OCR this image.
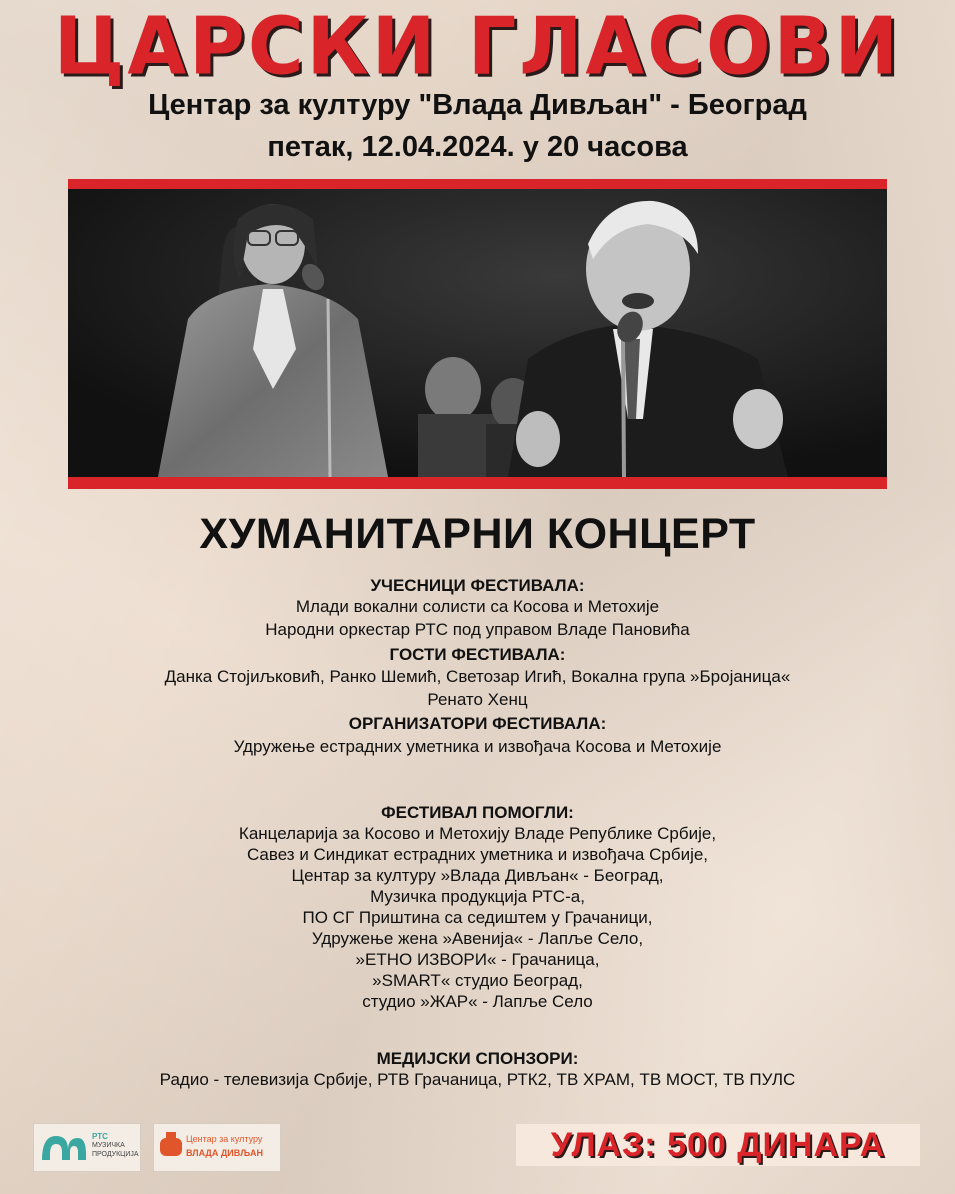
ЦАРСКИ ГЛАСОВИ
Центар за културу "Влада Дивљан" - Београд
петак, 12.04.2024. у 20 часова
ХУМАНИТАРНИ КОНЦЕРТ
УЧЕСНИЦИ ФЕСТИВАЛА:
Млади вокални солисти са Косова и Метохије
Народни оркестар РТС под управом Владе Пановића
ГОСТИ ФЕСТИВАЛА:
Данка Стојиљковић, Ранко Шемић, Светозар Игић, Вокална група »Бројаница«
Ренато Хенц
ОРГАНИЗАТОРИ ФЕСТИВАЛА:
Удружење естрадних уметника и извођача Косова и Метохије
ФЕСТИВАЛ ПОМОГЛИ:
Канцеларија за Косово и Метохију Владе Републике Србије,
Савез и Синдикат естрадних уметника и извођача Србије,
Центар за културу »Влада Дивљан« - Београд,
Музичка продукција РТС-а,
ПО СГ Приштина са седиштем у Грачаници,
Удружење жена »Авенија« - Лапље Село,
»ЕТНО ИЗВОРИ« - Грачаница,
»SMART« студио Београд,
студио »ЖАР« - Лапље Село
МЕДИЈСКИ СПОНЗОРИ:
Радио - телевизија Србије, РТВ Грачаница, РТК2, ТВ ХРАМ, ТВ МОСТ, ТВ ПУЛС
РТС
МУЗИЧКА
ПРОДУКЦИЈА
Центар за културу
ВЛАДА ДИВЉАН	УЛАЗ: 500 ДИНАРА
